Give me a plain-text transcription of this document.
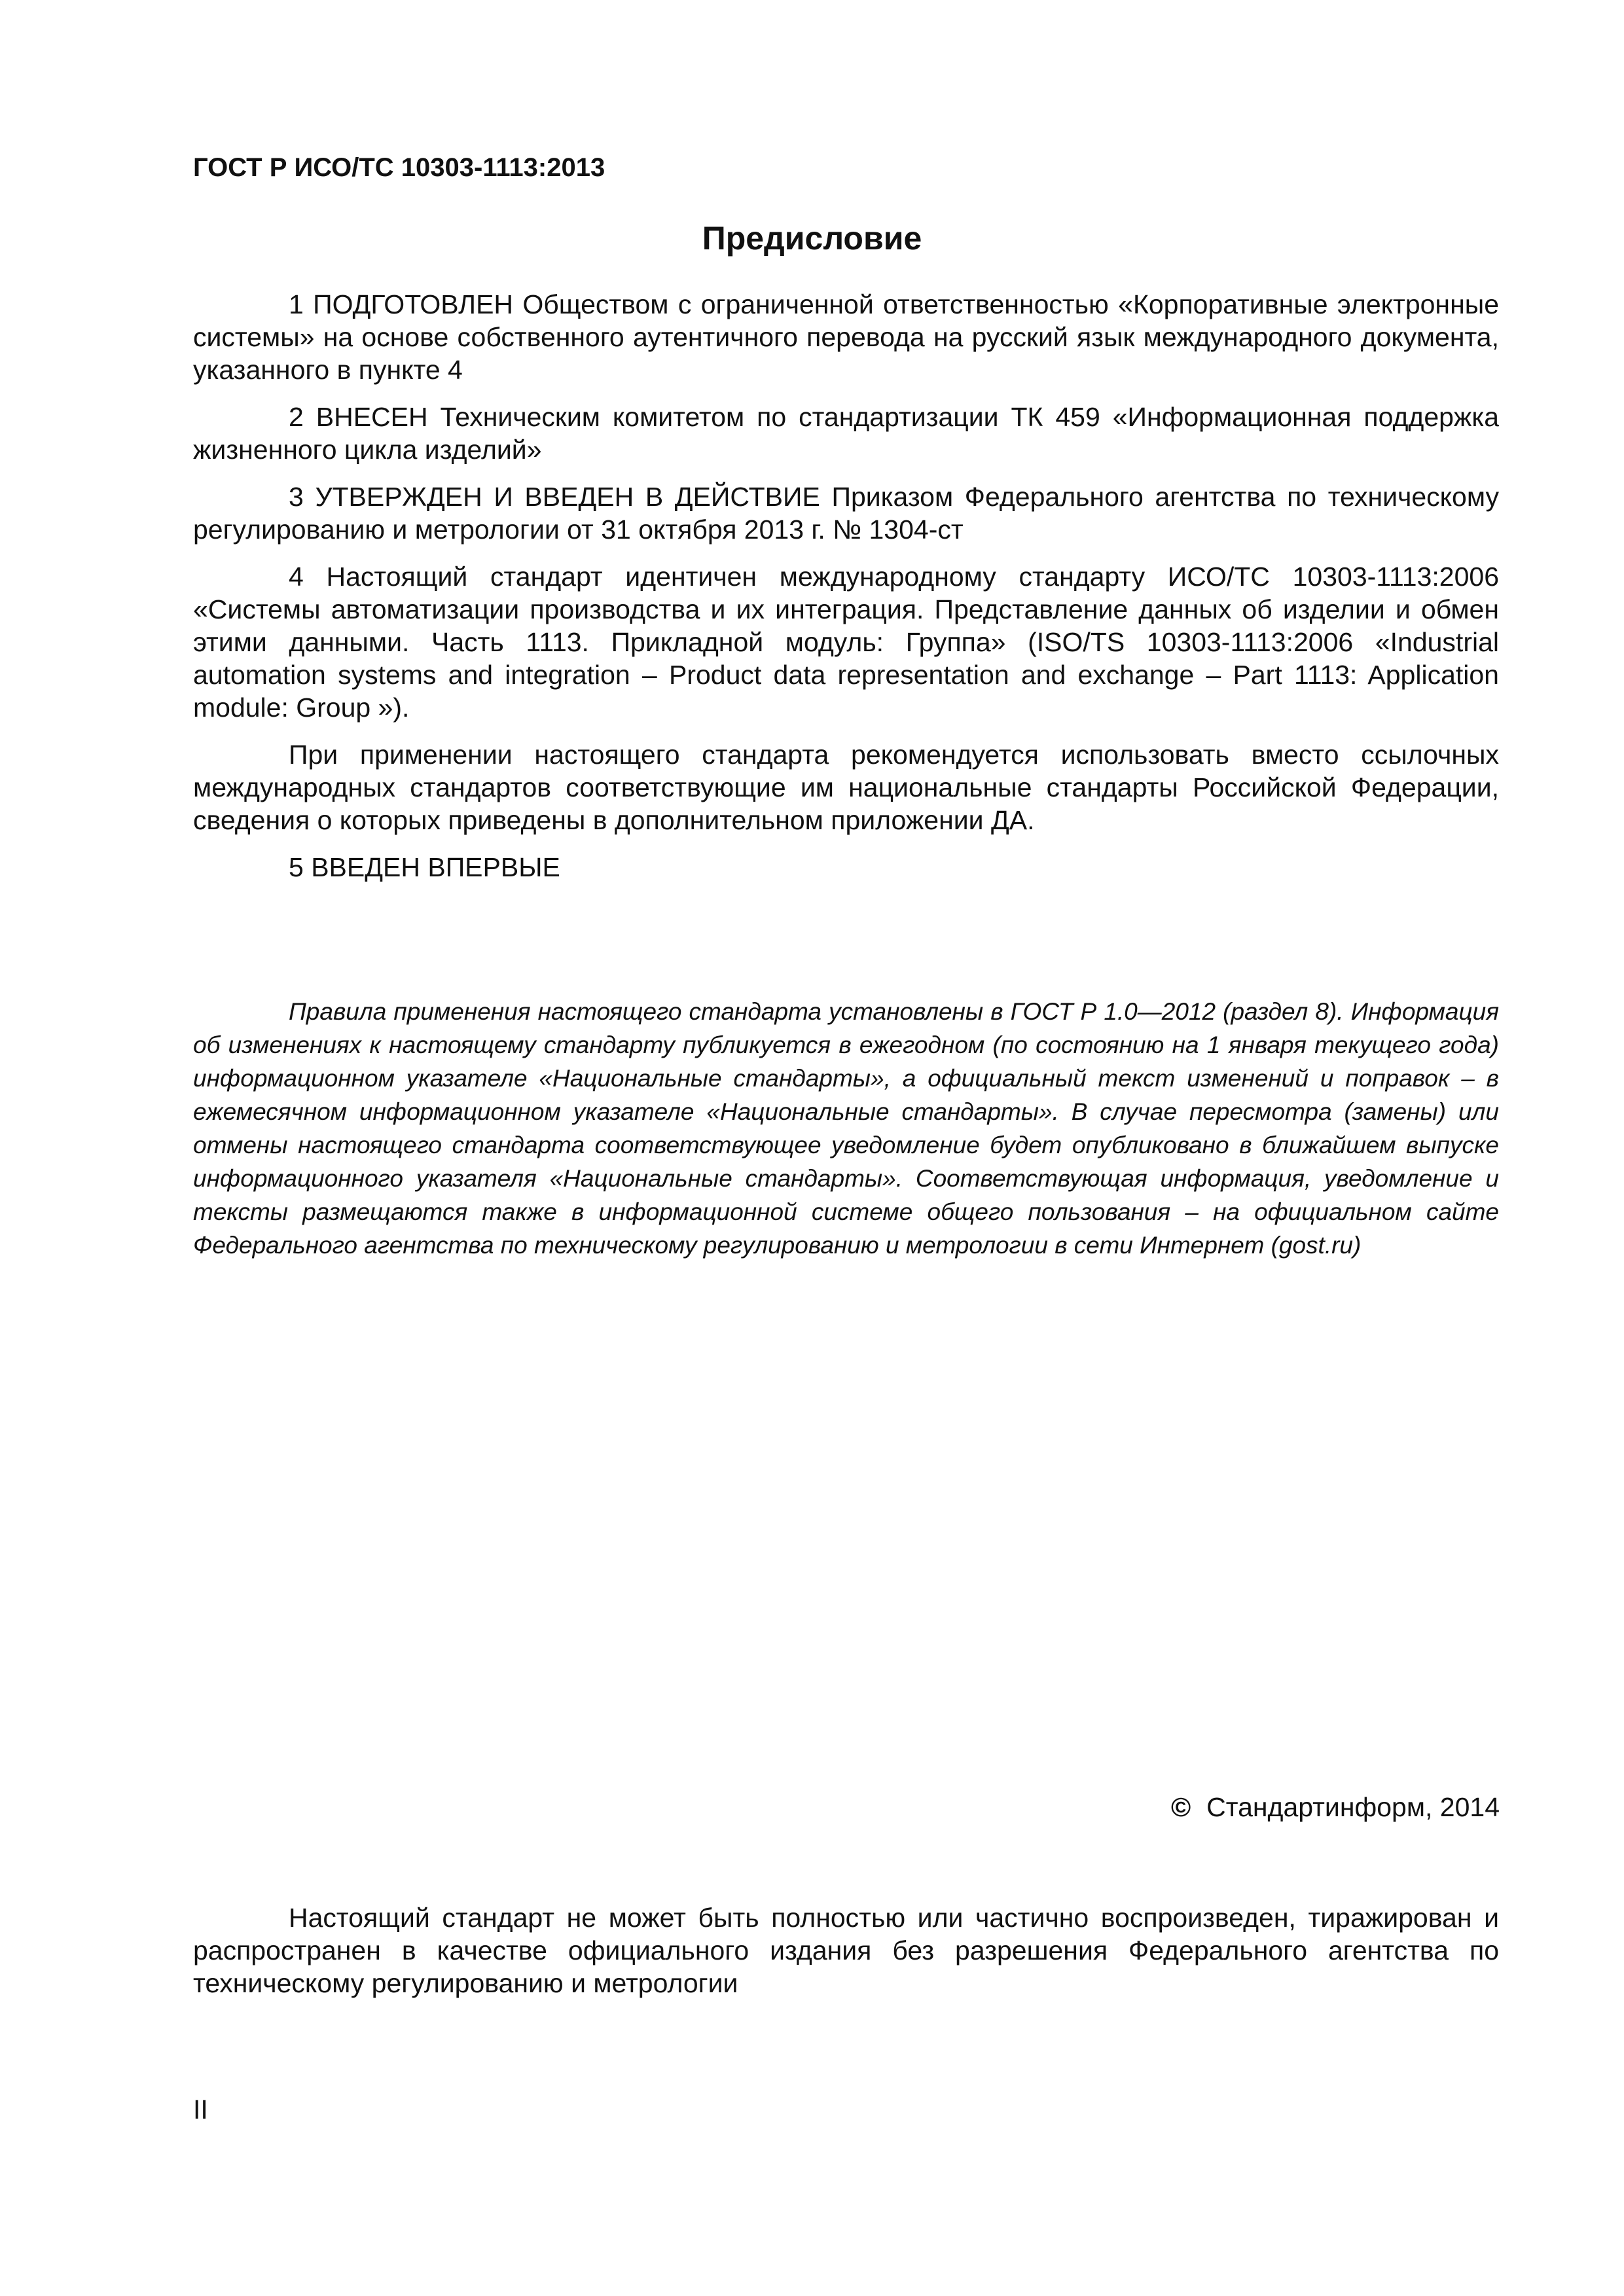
ГОСТ Р ИСО/ТС 10303-1113:2013

Предисловие

1 ПОДГОТОВЛЕН Обществом с ограниченной ответственностью «Корпоративные электронные системы» на основе собственного аутентичного перевода на русский язык международного документа, указанного в пункте 4

2 ВНЕСЕН Техническим комитетом по стандартизации ТК 459 «Информационная поддержка жизненного цикла изделий»

3 УТВЕРЖДЕН И ВВЕДЕН В ДЕЙСТВИЕ Приказом Федерального агентства по техническому регулированию и метрологии от 31 октября 2013 г. № 1304-ст

4 Настоящий стандарт идентичен международному стандарту ИСО/ТС 10303-1113:2006 «Системы автоматизации производства и их интеграция. Представление данных об изделии и обмен этими данными. Часть 1113. Прикладной модуль: Группа» (ISO/TS 10303-1113:2006 «Industrial automation systems and integration – Product data representation and exchange – Part 1113: Application module: Group »).

При применении настоящего стандарта рекомендуется использовать вместо ссылочных международных стандартов соответствующие им национальные стандарты Российской Федерации, сведения о которых приведены в дополнительном приложении ДА.

5 ВВЕДЕН ВПЕРВЫЕ

Правила применения настоящего стандарта установлены в ГОСТ Р 1.0—2012 (раздел 8). Информация об изменениях к настоящему стандарту публикуется в ежегодном (по состоянию на 1 января текущего года) информационном указателе «Национальные стандарты», а официальный текст изменений и поправок – в ежемесячном информационном указателе «Национальные стандарты». В случае пересмотра (замены) или отмены настоящего стандарта соответствующее уведомление будет опубликовано в ближайшем выпуске информационного указателя «Национальные стандарты». Соответствующая информация, уведомление и тексты размещаются также в информационной системе общего пользования – на официальном сайте Федерального агентства по техническому регулированию и метрологии в сети Интернет (gost.ru)

© Стандартинформ, 2014

Настоящий стандарт не может быть полностью или частично воспроизведен, тиражирован и распространен в качестве официального издания без разрешения Федерального агентства по техническому регулированию и метрологии

II
